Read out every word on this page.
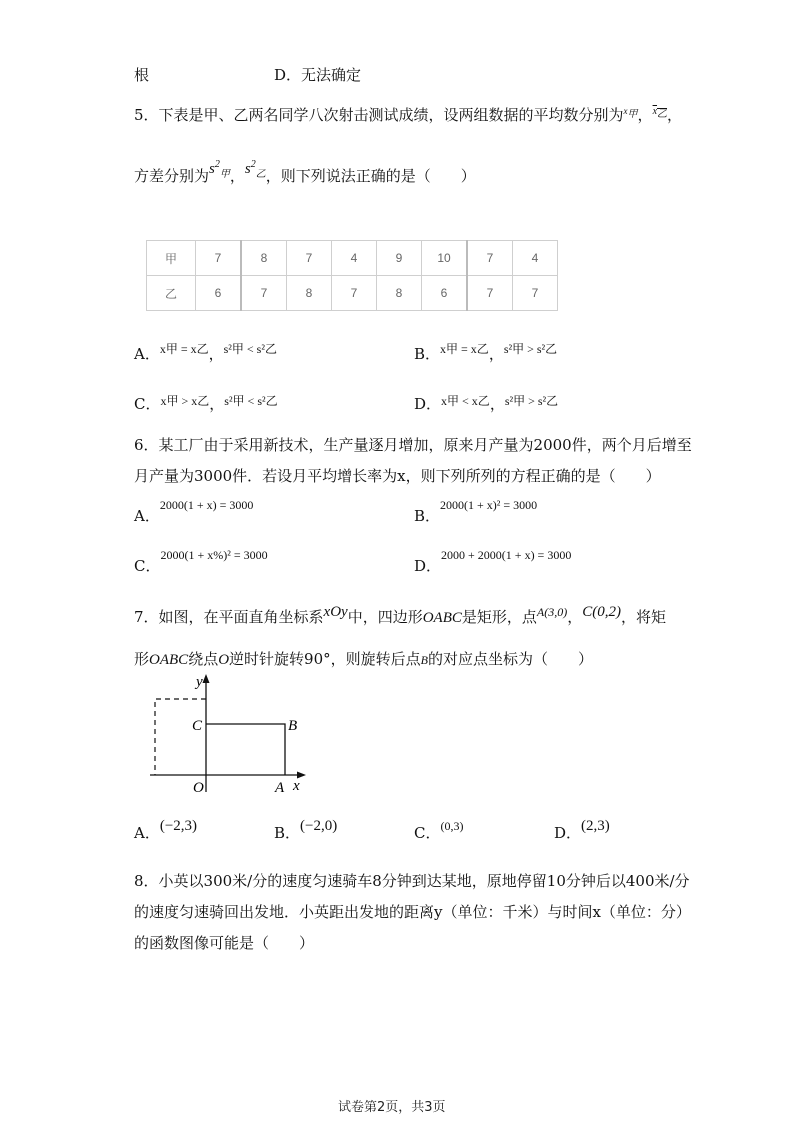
根	D．无法确定
5．下表是甲、乙两名同学八次射击测试成绩，设两组数据的平均数分别为$^{x_甲}$，$^{x_乙}$，
方差分别为$s^2_甲$，$s^2_乙$，则下列说法正确的是（　　）
甲	7	8	7	4	9	10	7	4
乙	6	7	8	7	8	6	7	7
A．$^{x甲 = x乙}$，$^{s^2甲 < s^2乙}$	B．$^{x甲 = x乙}$，$^{s^2甲 > s^2乙}$
C．$^{x甲 > x乙}$，$^{s^2甲 < s^2乙}$	D．$^{x甲 < x乙}$，$^{s^2甲 > s^2乙}$
6．某工厂由于采用新技术，生产量逐月增加，原来月产量为2000件，两个月后增至
月产量为3000件．若设月平均增长率为x，则下列所列的方程正确的是（　　）
A．$^{2000(1 + x) = 3000}$
B．$^{2000(1 + x)^2 = 3000}$
C．$^{2000(1 + x\%)^2 = 3000}$
D．$^{2000 + 2000(1 + x) = 3000}$
7．如图，在平面直角坐标系xOy中，四边形OABC是矩形，点$^{A(3,0)}$，C(0,2)，将矩
形OABC绕点O逆时针旋转90°，则旋转后点B的对应点坐标为（　　）
y
x
O	A
B
C
A．(−2,3)	B．(−2,0)	C．$^{(0,3)}$	D．(2,3)
8．小英以300米/分的速度匀速骑车8分钟到达某地，原地停留10分钟后以400米/分
的速度匀速骑回出发地．小英距出发地的距离y（单位：千米）与时间x（单位：分）
的函数图像可能是（　　）
试卷第2页，共3页
